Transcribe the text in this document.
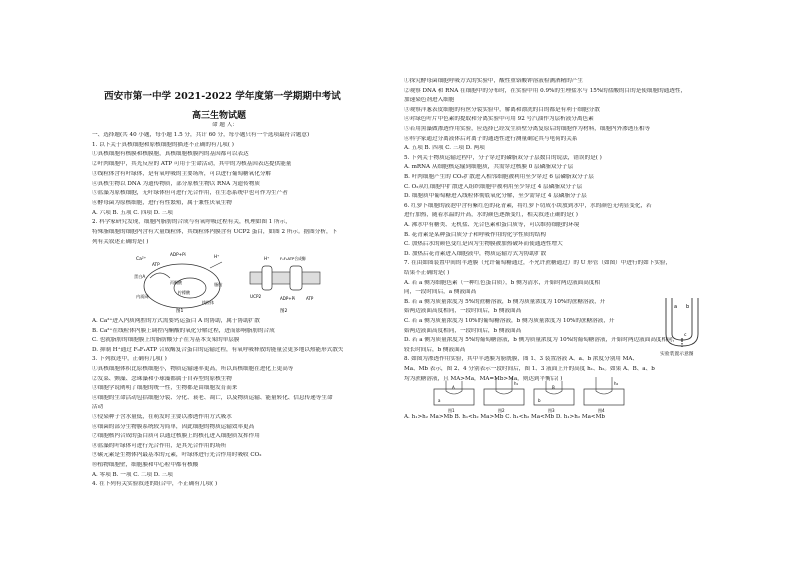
西安市第一中学 2021-2022 学年度第一学期期中考试
高三生物试题
命 题 人：
一、选择题(共 40 小题，每小题 1.5 分，共计 60 分，每小题只有一个选项最符合题意)
1. 以下关于真核细胞和原核细胞的描述不正确的有几项( )
①真核细胞有核膜和核膜胞，真核细胞核膜内的基因都可以表达
②叶肉细胞中，其光反应的 ATP 可用于生命活动，其中的为核基因表达提供能量
③线粒体含有叶绿体，是有氧呼吸的主要场所，可以进行葡萄糖氧化分解
④真核生物以 DNA 为遗传物质，部分原核生物以 RNA 为遗传物质
⑤蓝藻为原核细胞，无叶绿体但可进行光合作用，在生态系统中也可作为生产者
⑥酵母菌为原核细胞，进行有性繁殖，属于兼性厌氧生物
A. 六项 B. 五项 C. 四项 D. 三项
2. 科学家研究发现，细胞内脂肪的合成与有氧呼吸过程有关，机理如图 1 所示，
特殊脂细胞的细胞内含有大量线粒体，其线粒体内膜含有 UCP2 蛋白，如图 2 所示。据图分析，下
列有关叙述正确的是( )
A. Ca²⁺进入内质网腔的方式需要钙运蛋白 A 的协助，属于协助扩散
B. Ca²⁺在线粒体内膜上调控丙酮酸的氧化分解过程，进而影响脂肪的合成
C. 也就脂肪的细胞膜上的脂肪酸分子在为基本支架的单层膜
D. 抑制 H⁺通过 F₀F₁ATP 合成酶复合蛋白的运输过程，有氧呼吸释放的能量会更多地以热能形式散失
3. 下列叙述中，正确有几项( )
①真核细胞体积比原核细胞小，物质运输速率更高，所以真核细胞在进化上更高等
②发菜、颤藻、念珠藻和小球藻都属于自养型的原核生物
③细胞学说阐明了细胞的统一性，生物都是由细胞发育而来
④细胞的生命活动包括细胞分裂、分化、衰老、凋亡，以及物质运输、能量转化、信息传递等生命
活动
⑤侵染种子含水量低，在萌发时主要以渗透作用方式吸水
⑥细菌的部分生物膜系统较为简单，因此细胞的物质运输效率更高
⑦细胞核内合成的蛋白质可以通过核膜上的核孔进入细胞质发挥作用
⑧蓝藻的叶绿体可进行光合作用，是其光合作用的场所
⑨碳元素是生物体内最基本的元素，叶绿体进行光合作用时吸收 CO₂
⑩植物细胞壁，细胞膜和中心粒中都有核酸
A. 零项 B. 一项 C. 二项 D. 三项
4. 在下列有关实验叙述的组合中，不正确有几项( )
Ca²⁺
ADP+Pi
ATP
蛋白A
内质网
H⁺
丙酮酸
线粒体
柠檬酸
脂肪
图1
H⁺
UCP2
F₀F₁ATP合成酶
ADP+Pi	ATP
图2
①探究酵母菌细胞呼吸方式的实验中，酸性重铬酸钾溶液检测酒精的产生
②观察 DNA 和 RNA 在细胞中的分布时，在实验中用 0.9%的生理盐水与 15%的盐酸的目的是使细胞的通透性，
加速染色剂进入细胞
③观察洋葱表皮细胞的有丝分裂实验中，解离和漂洗的目的都是有利于细胞分散
④对绿色叶片中色素的提取和分离实验中可用 92 号汽油作为层析液分离色素
⑤若用黑藻做渗透作用实验，应选择已经发生质壁分离复原后的细胞作为材料，细胞内外渗透压相等
⑥科学家通过分离液体后对离子的通透性进行测量确定其与电荷的关系
A. 五项 B. 四项 C. 三项 D. 两项
5. 下列关于物质运输过程中，分子穿过的磷脂双分子层数目的说法，错误的是( )
A. mRNA 从细胞核运输到细胞质，共需穿过核膜 0 层磷脂双分子层
B. 叶肉细胞产生的 CO₂扩散进入相邻细胞被利用至少穿过 6 层磷脂双分子层
C. O₂从红细胞中扩散进入组织细胞中被利用至少穿过 4 层磷脂双分子层
D. 细胞质中葡萄糖进入线粒体彻底氧化分解，至少需穿过 4 层磷脂分子层
6. 红萝卜细胞的液泡中含有紫红色的花青素，将红萝卜切成小块放到水中，水的颜色无明显变化，若
进行加热，随着水温的升高，水的颜色逐渐变红，相关叙述正确的是( )
A. 沸水中有糖类、无机盐、光合色素和蛋白质等，可以维持细胞的环境
B. 花青素是某种蛋白质分子和呼吸作用的化学性质的结构
C. 加热后水的颜色变红是因为生物膜被加热破坏而使通透性增大
D. 加热后花青素进入细胞液中，物质运输方式为协助扩散
7. 在由如图装置中间的半透膜（允许葡萄糖通过，不允许蔗糖通过）的 U 形管（如图）中进行的如下实验，
结果不正确的是( )
A. 若 a 侧为细胞色素（一种红色蛋白质），b 侧为清水，开始时两边液面高度相
同，一段时间后，a 侧液面高
B. 若 a 侧为质量浓度为 5%的蔗糖溶液，b 侧为质量浓度为 10%的蔗糖溶液，开
始两边液面高度相同，一段时间后，b 侧液面高
C. 若 a 侧为质量浓度为 10%的葡萄糖溶液，b 侧为质量浓度为 10%的蔗糖溶液，开
始两边液面高度相同，一段时间后，b 侧液面高
D. 若 a 侧为质量浓度为 5%的葡萄糖溶液，b 侧为质量浓度为 10%的葡萄糖溶液，开始时两边液面高度相同，
较长时间后，b 侧液面高
8. 如图为渗透作用实验，其中半透膜为膀胱膜，图 1、3 装置溶液 A、a、b 浓度分别用 MA、
Ma、Mb 表示，图 2、4 分别表示一段时间后，图 1、3 液面上升的高度 h₁、h₂。如果 A、B、a、b
均为蔗糖溶液，且 MA>Ma，MA=Mb>Ma，则达到平衡后( )
A. h₁>h₂ Ma>Mb B. h₁<h₂ Ma>Mb C. h₁<h₂ Ma<Mb D. h₁>h₂ Ma<Mb
a b
c
实验装置示意图
A
a
图1
h₁
图2
B
b
图3
h₂
图4
